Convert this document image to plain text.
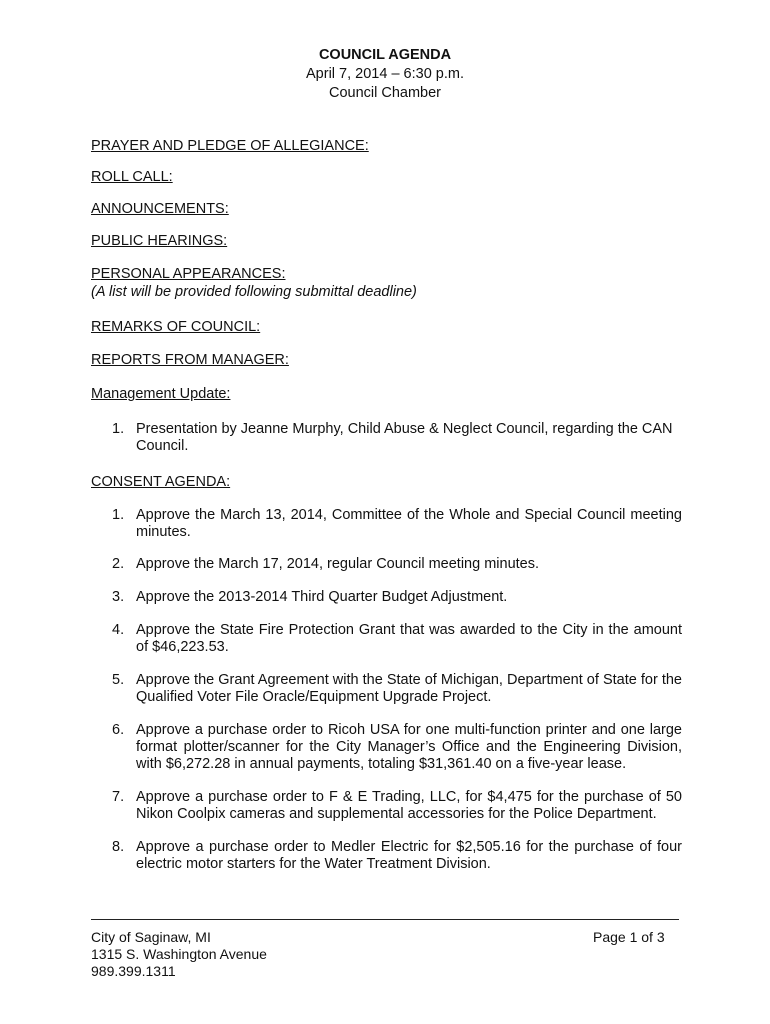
COUNCIL AGENDA
April 7, 2014 – 6:30 p.m.
Council Chamber
PRAYER AND PLEDGE OF ALLEGIANCE:
ROLL CALL:
ANNOUNCEMENTS:
PUBLIC HEARINGS:
PERSONAL APPEARANCES:
(A list will be provided following submittal deadline)
REMARKS OF COUNCIL:
REPORTS FROM MANAGER:
Management Update:
1. Presentation by Jeanne Murphy, Child Abuse & Neglect Council, regarding the CAN Council.
CONSENT AGENDA:
1. Approve the March 13, 2014, Committee of the Whole and Special Council meeting minutes.
2. Approve the March 17, 2014, regular Council meeting minutes.
3. Approve the 2013-2014 Third Quarter Budget Adjustment.
4. Approve the State Fire Protection Grant that was awarded to the City in the amount of $46,223.53.
5. Approve the Grant Agreement with the State of Michigan, Department of State for the Qualified Voter File Oracle/Equipment Upgrade Project.
6. Approve a purchase order to Ricoh USA for one multi-function printer and one large format plotter/scanner for the City Manager’s Office and the Engineering Division, with $6,272.28 in annual payments, totaling $31,361.40 on a five-year lease.
7. Approve a purchase order to F & E Trading, LLC, for $4,475 for the purchase of 50 Nikon Coolpix cameras and supplemental accessories for the Police Department.
8. Approve a purchase order to Medler Electric for $2,505.16 for the purchase of four electric motor starters for the Water Treatment Division.
City of Saginaw, MI
1315 S. Washington Avenue
989.399.1311
Page 1 of 3
